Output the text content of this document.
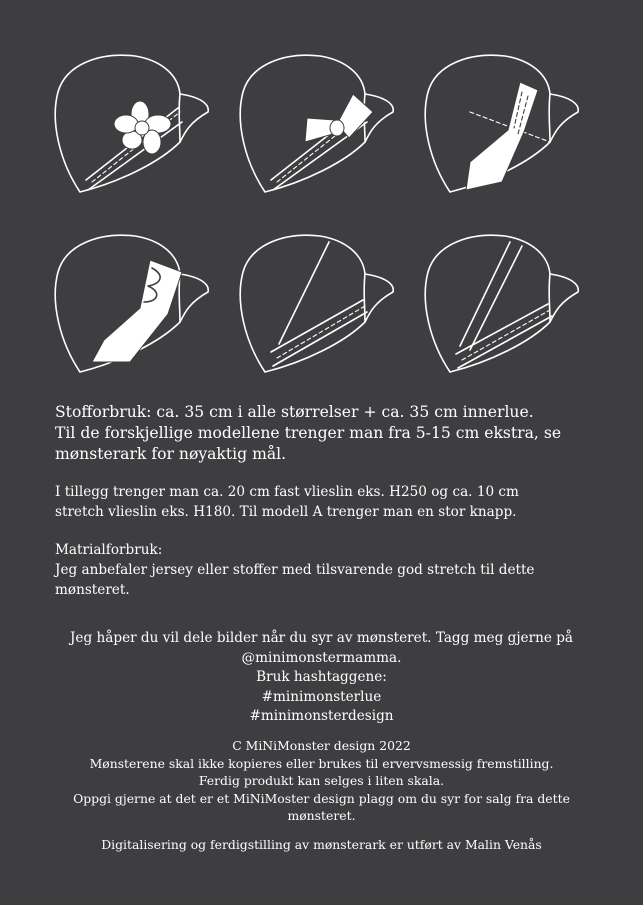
Stofforbruk: ca. 35 cm i alle størrelser + ca. 35 cm innerlue.
Til de forskjellige modellene trenger man fra 5-15 cm ekstra, se
mønsterark for nøyaktig mål.

I tillegg trenger man ca. 20 cm fast vlieslin eks. H250 og ca. 10 cm
stretch vlieslin eks. H180. Til modell A trenger man en stor knapp.

Matrialforbruk:
Jeg anbefaler jersey eller stoffer med tilsvarende god stretch til dette
mønsteret.

Jeg håper du vil dele bilder når du syr av mønsteret. Tagg meg gjerne på
@minimonstermamma.
Bruk hashtaggene:
#minimonsterlue
#minimonsterdesign

C MiNiMonster design 2022
Mønsterene skal ikke kopieres eller brukes til ervervsmessig fremstilling.
Ferdig produkt kan selges i liten skala.
Oppgi gjerne at det er et MiNiMoster design plagg om du syr for salg fra dette
mønsteret.

Digitalisering og ferdigstilling av mønsterark er utført av Malin Venås
